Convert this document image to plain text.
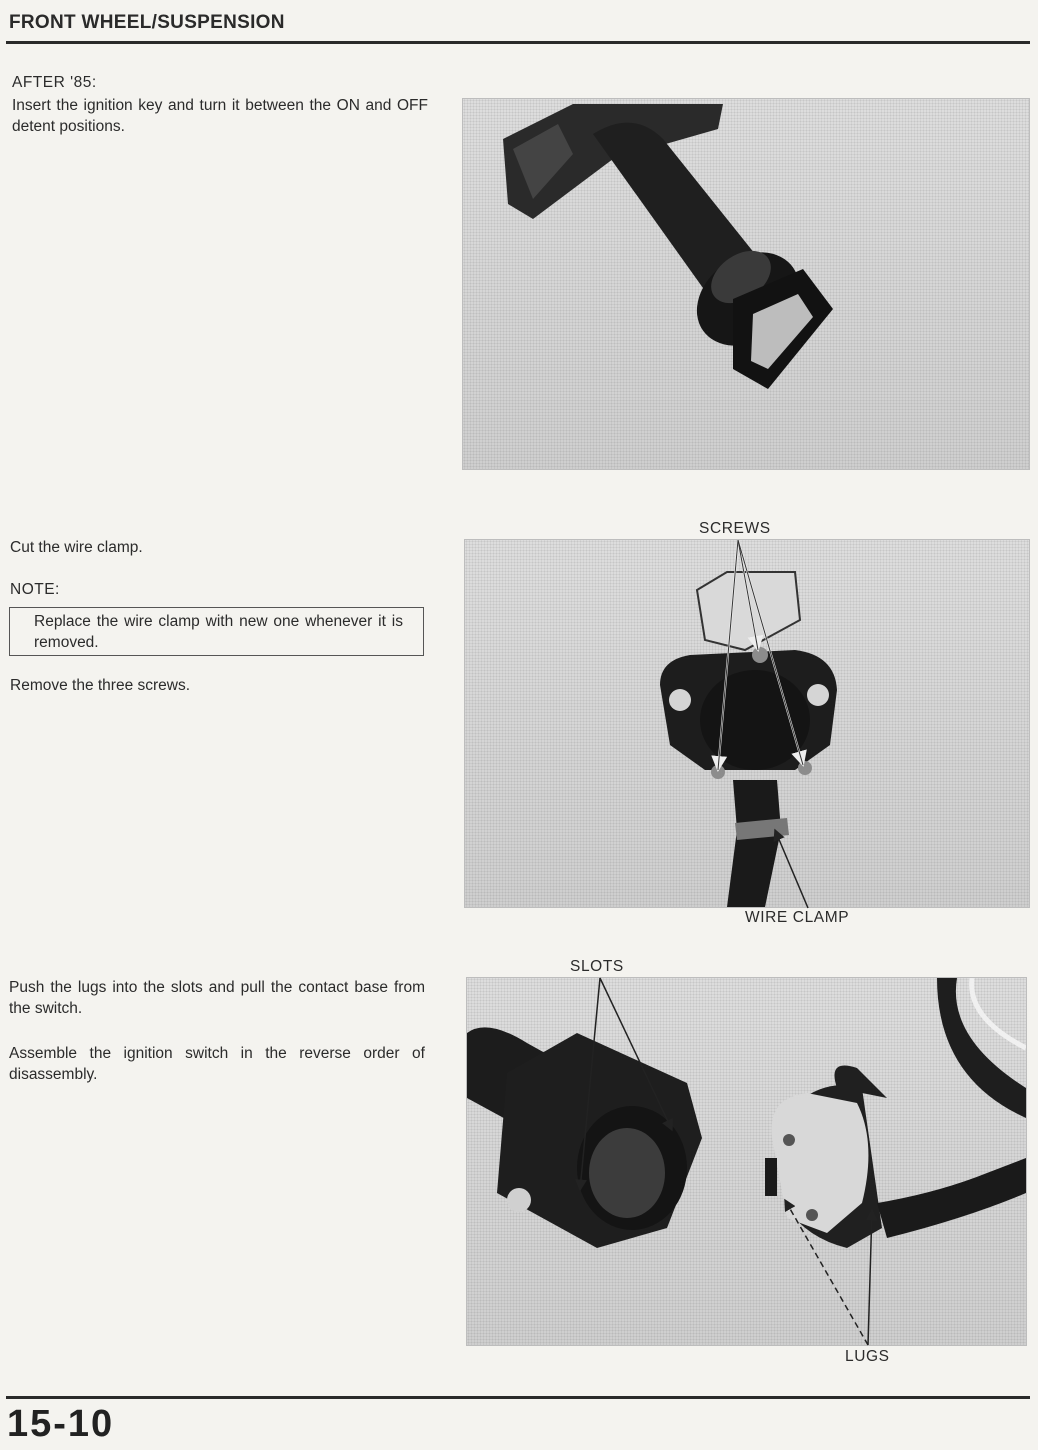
FRONT WHEEL/SUSPENSION
AFTER '85:
Insert the ignition key and turn it between the ON and OFF detent positions.
Cut the wire clamp.
NOTE:
Replace the wire clamp with new one whenever it is removed.
Remove the three screws.
SCREWS
WIRE CLAMP
SLOTS
LUGS
Push the lugs into the slots and pull the contact base from the switch.
Assemble the ignition switch in the reverse order of disassembly.
15-10
